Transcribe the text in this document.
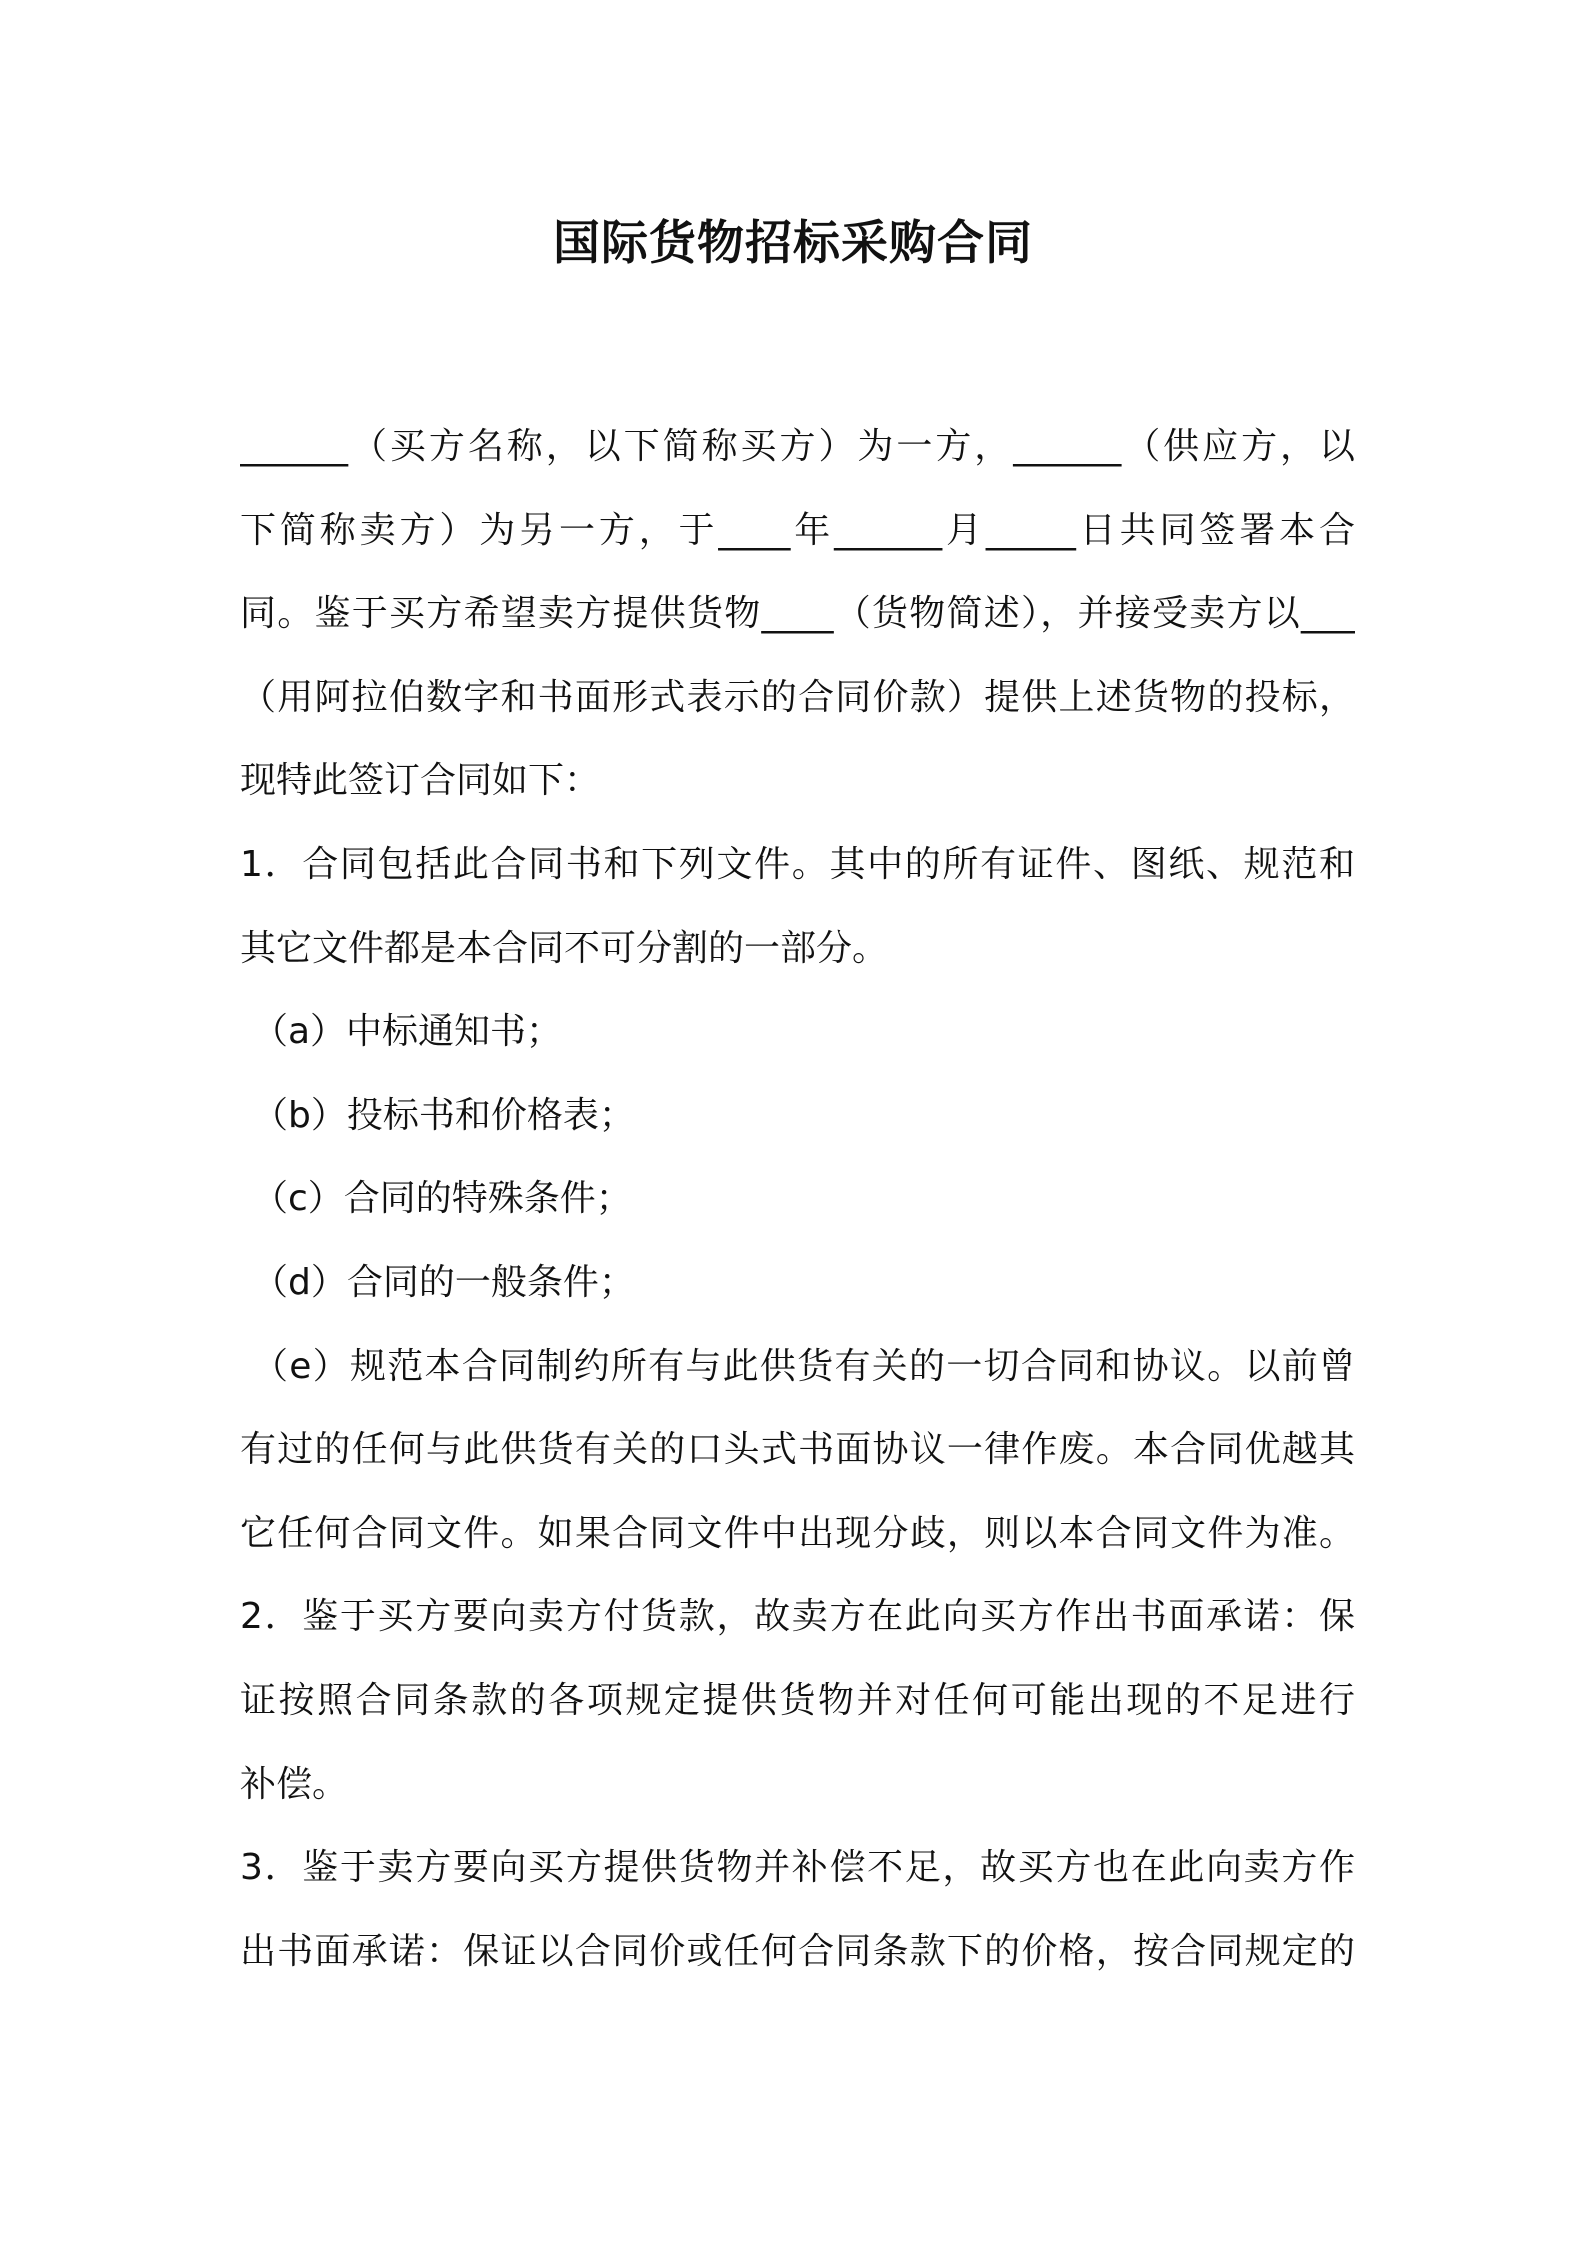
国际货物招标采购合同
______（买方名称，以下简称买方）为一方，______（供应方，以
下简称卖方）为另一方，于____年______月_____日共同签署本合
同。鉴于买方希望卖方提供货物____（货物简述），并接受卖方以___
（用阿拉伯数字和书面形式表示的合同价款）提供上述货物的投标，
现特此签订合同如下：
1．合同包括此合同书和下列文件。其中的所有证件、图纸、规范和
其它文件都是本合同不可分割的一部分。
（a）中标通知书；
（b）投标书和价格表；
（c）合同的特殊条件；
（d）合同的一般条件；
（e）规范本合同制约所有与此供货有关的一切合同和协议。以前曾
有过的任何与此供货有关的口头式书面协议一律作废。本合同优越其
它任何合同文件。如果合同文件中出现分歧，则以本合同文件为准。
2．鉴于买方要向卖方付货款，故卖方在此向买方作出书面承诺：保
证按照合同条款的各项规定提供货物并对任何可能出现的不足进行
补偿。
3．鉴于卖方要向买方提供货物并补偿不足，故买方也在此向卖方作
出书面承诺：保证以合同价或任何合同条款下的价格，按合同规定的
